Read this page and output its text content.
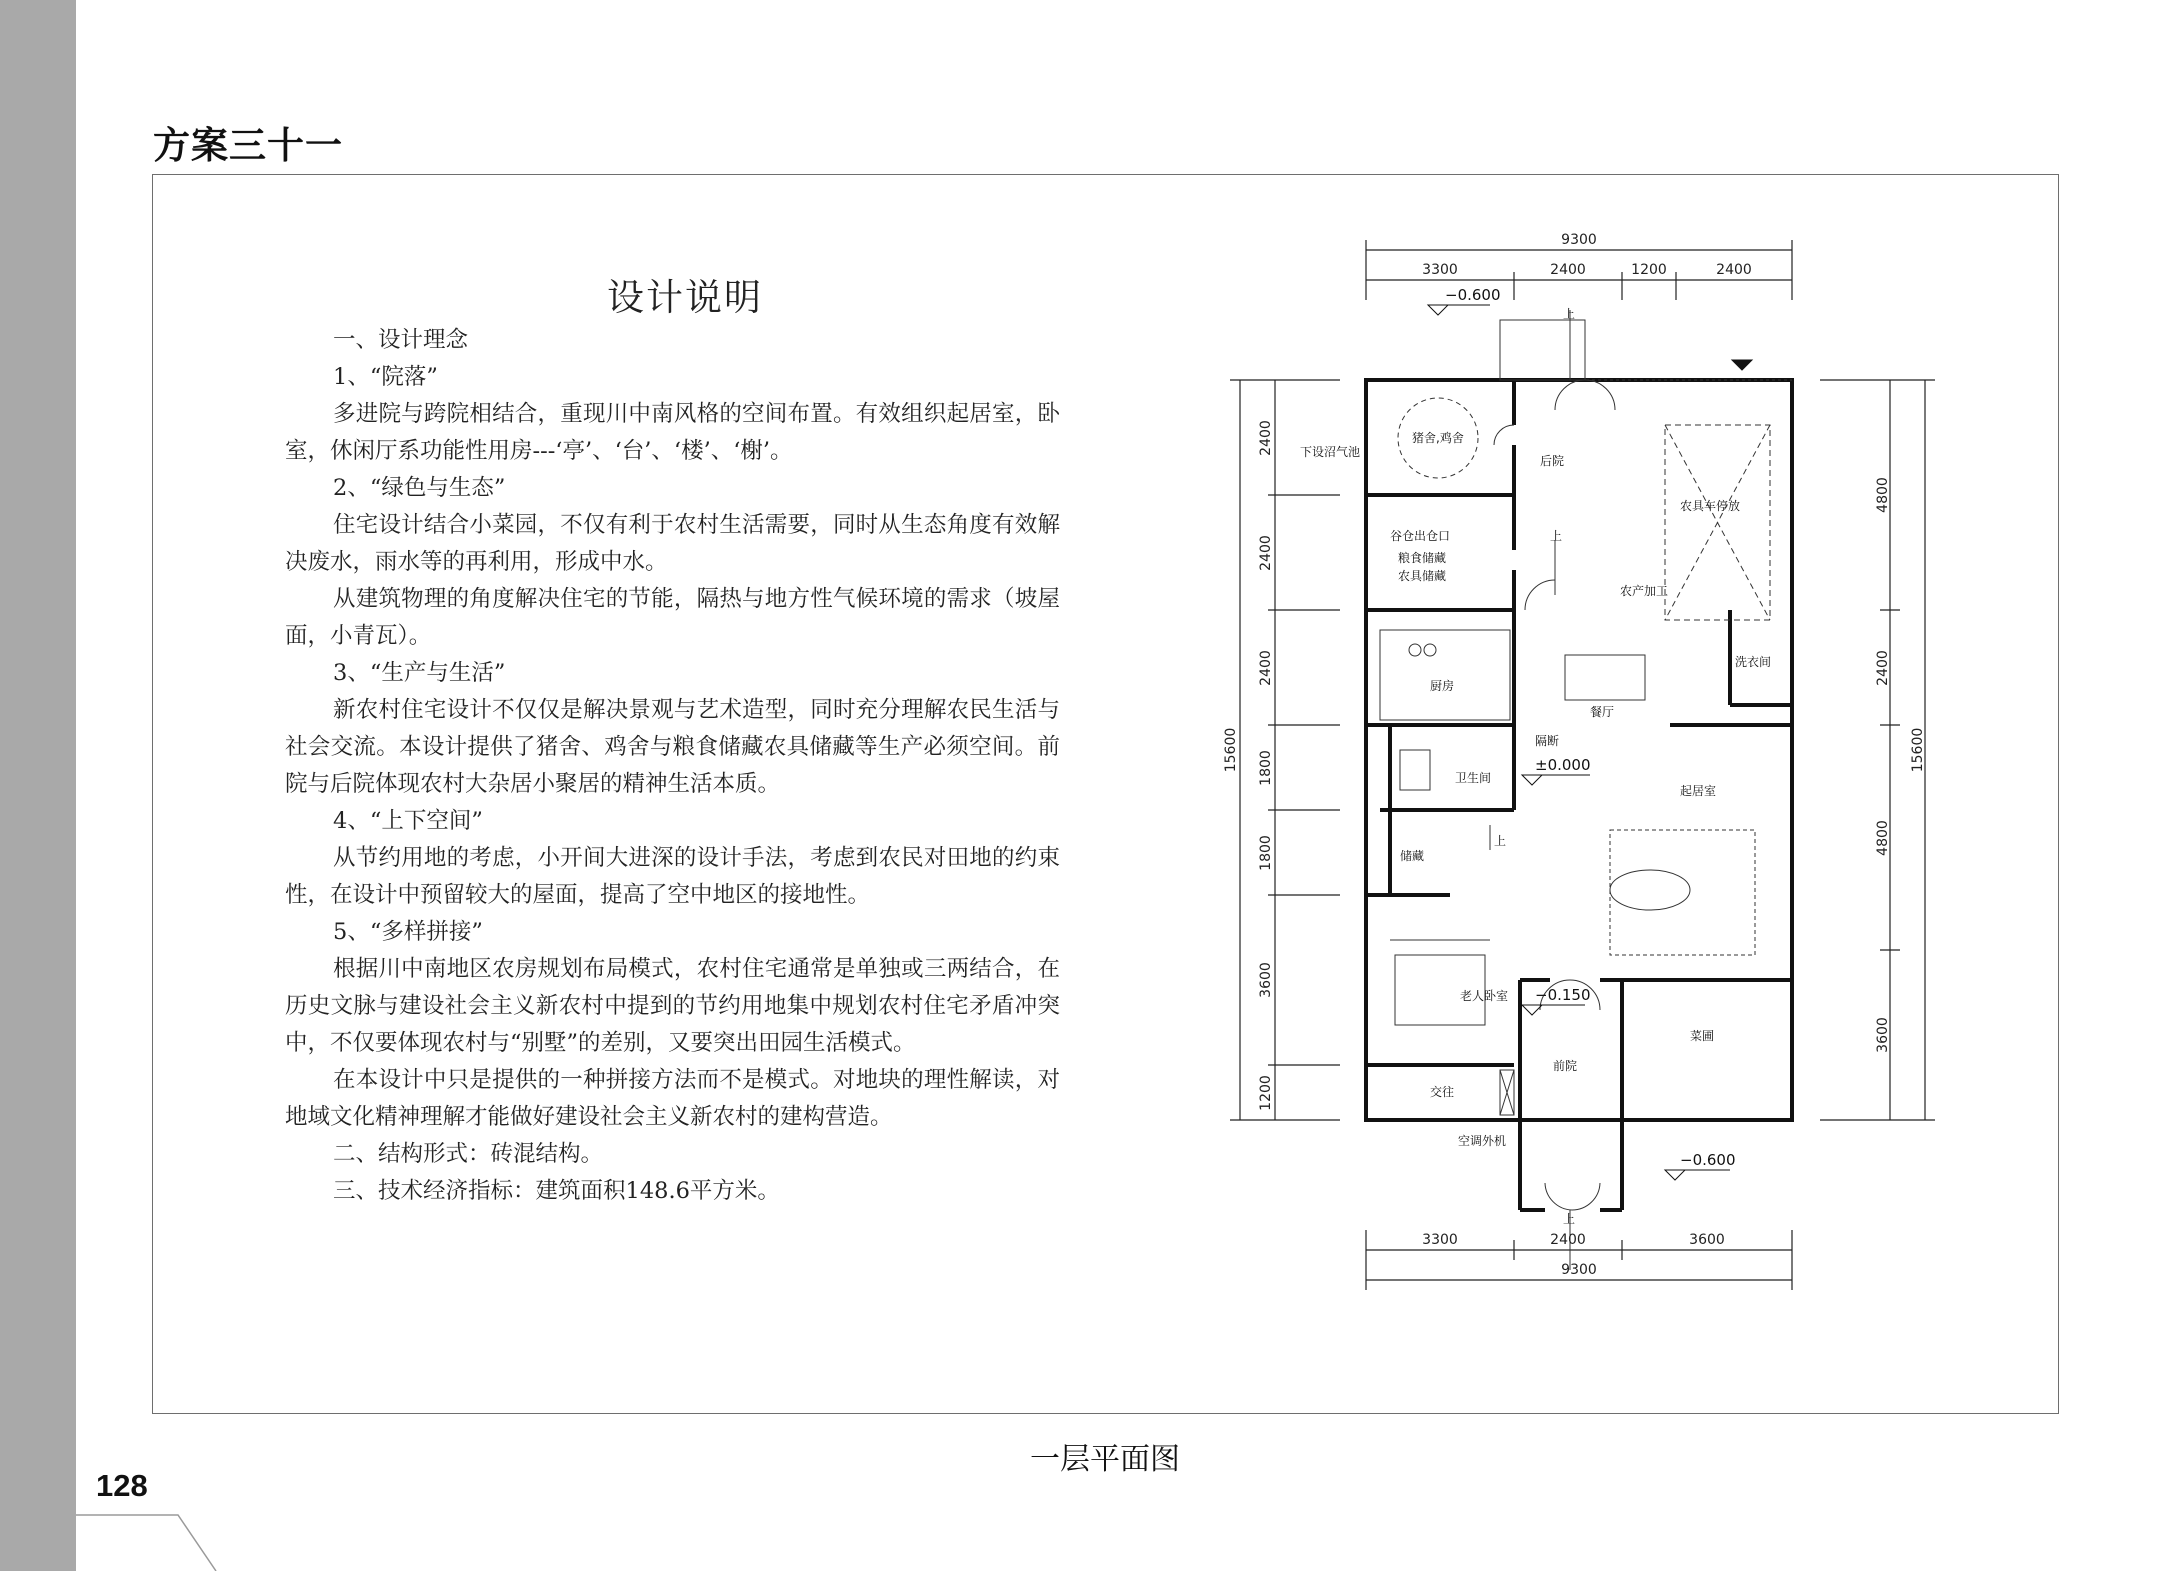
128
方案三十一
设计说明

一、设计理念

1、“院落”

多进院与跨院相结合，重现川中南风格的空间布置。有效组织起居室，卧室，休闲厅系功能性用房---‘亭’、‘台’、‘楼’、‘榭’。

2、“绿色与生态”

住宅设计结合小菜园，不仅有利于农村生活需要，同时从生态角度有效解决废水，雨水等的再利用，形成中水。

从建筑物理的角度解决住宅的节能，隔热与地方性气候环境的需求（坡屋面，小青瓦）。

3、“生产与生活”

新农村住宅设计不仅仅是解决景观与艺术造型，同时充分理解农民生活与社会交流。本设计提供了猪舍、鸡舍与粮食储藏农具储藏等生产必须空间。前院与后院体现农村大杂居小聚居的精神生活本质。

4、“上下空间”

从节约用地的考虑，小开间大进深的设计手法，考虑到农民对田地的约束性，在设计中预留较大的屋面，提高了空中地区的接地性。

5、“多样拼接”

根据川中南地区农房规划布局模式，农村住宅通常是单独或三两结合，在历史文脉与建设社会主义新农村中提到的节约用地集中规划农村住宅矛盾冲突中，不仅要体现农村与“别墅”的差别，又要突出田园生活模式。

在本设计中只是提供的一种拼接方法而不是模式。对地块的理性解读，对地域文化精神理解才能做好建设社会主义新农村的建构营造。

二、结构形式：砖混结构。

三、技术经济指标：建筑面积148.6平方米。

9300
3300	2400	1200	2400
3300	2400	3600
9300
2400
2400
2400
1800
1800
3600
1200
15600
4800
2400
4800
3600
15600
−0.600
±0.000
−0.150
−0.600
猪舍,鸡舍
下设沼气池
后院
农具车停放
谷仓出仓口
粮食储藏
农具储藏
农产加工
厨房
餐厅
洗衣间
隔断
卫生间
起居室
储藏
老人卧室
前院
菜圃
交往
空调外机
上
上
上
上
一层平面图
